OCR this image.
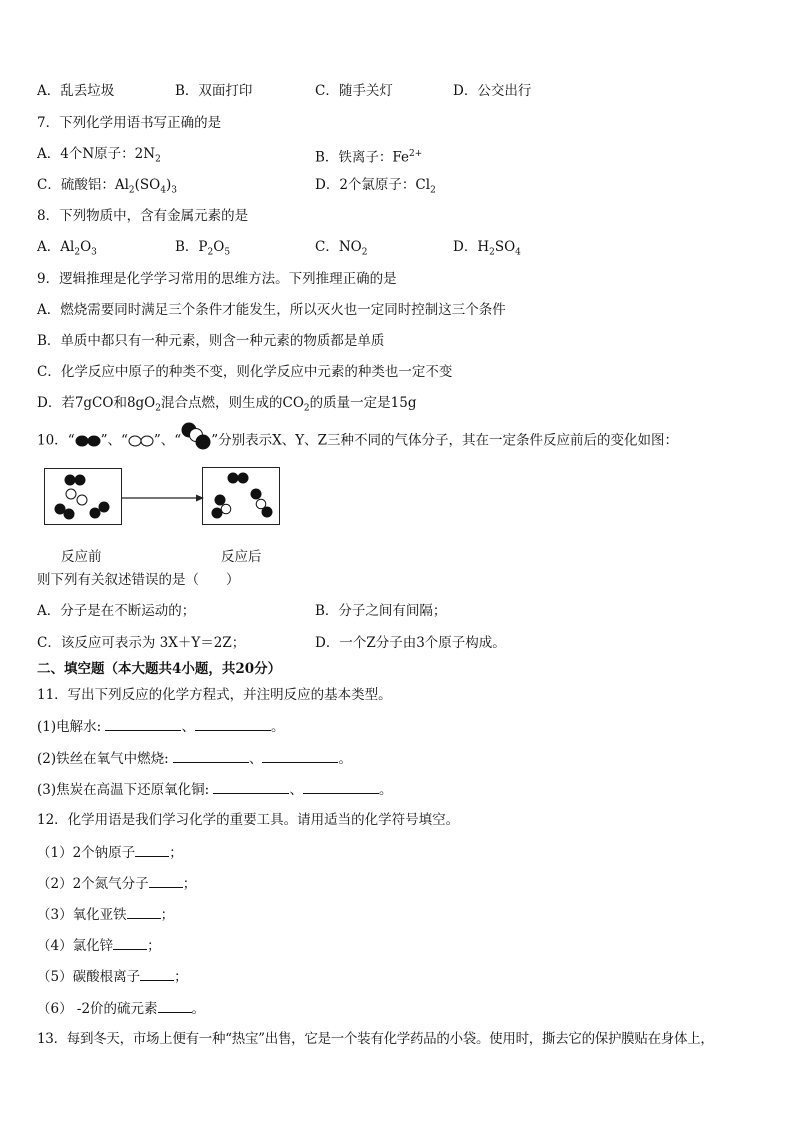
A．乱丢垃圾	B．双面打印	C．随手关灯	D．公交出行
7．下列化学用语书写正确的是
A．4个N原子：$2N_2$	B．铁离子：$Fe^{2+}$
C．硫酸铝：$Al_2(SO_4)_3$	D．2个氯原子：$Cl_2$
8．下列物质中，含有金属元素的是
A．$Al_2O_3$	B．$P_2O_5$	C．$NO_2$	D．$H_2SO_4$
9．逻辑推理是化学学习常用的思维方法。下列推理正确的是
A．燃烧需要同时满足三个条件才能发生，所以灭火也一定同时控制这三个条件
B．单质中都只有一种元素，则含一种元素的物质都是单质
C．化学反应中原子的种类不变，则化学反应中元素的种类也一定不变
D．若7gCO和$8gO_2$混合点燃，则生成的$CO_2$的质量一定是15g
10．“ ”、“ ”、“ ”分别表示X、Y、Z三种不同的气体分子，其在一定条件反应前后的变化如图：
反应前	反应后
则下列有关叙述错误的是（　　）
A．分子是在不断运动的；	B．分子之间有间隔；
C．该反应可表示为 3X＋Y＝2Z；	D．一个Z分子由3个原子构成。
二、填空题（本大题共4小题，共20分）
11．写出下列反应的化学方程式，并注明反应的基本类型。
(1)电解水:	、	。
(2)铁丝在氧气中燃烧:	、	。
(3)焦炭在高温下还原氧化铜:	、	。
12．化学用语是我们学习化学的重要工具。请用适当的化学符号填空。
（1）2个钠原子	；
（2）2个氮气分子	；
（3）氧化亚铁	；
（4）氯化锌	；
（5）碳酸根离子	；
（6） -2价的硫元素	。
13．每到冬天，市场上便有一种“热宝”出售，它是一个装有化学药品的小袋。使用时，撕去它的保护膜贴在身体上，
